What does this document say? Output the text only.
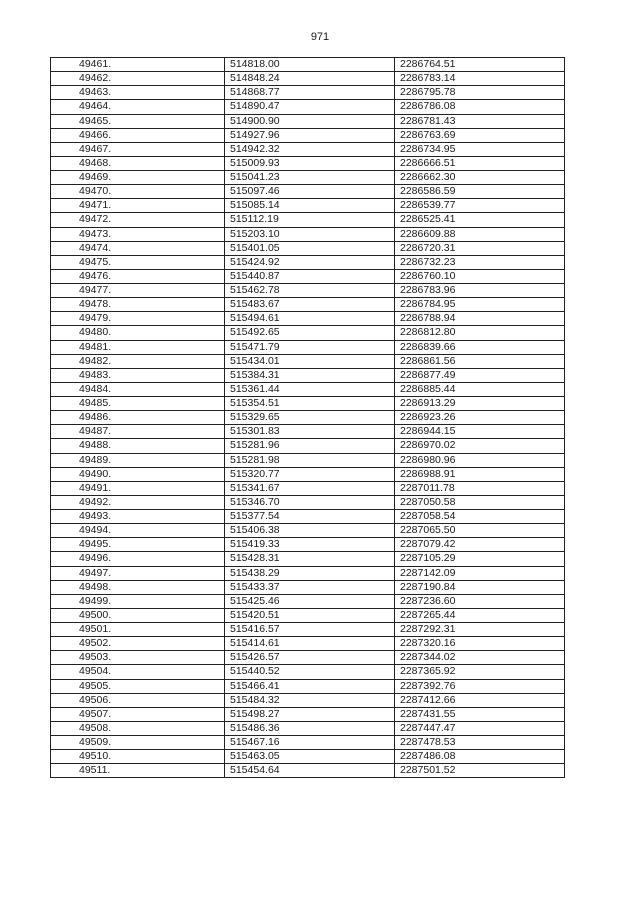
971
49461.	514818.00	2286764.51
49462.	514848.24	2286783.14
49463.	514868.77	2286795.78
49464.	514890.47	2286786.08
49465.	514900.90	2286781.43
49466.	514927.96	2286763.69
49467.	514942.32	2286734.95
49468.	515009.93	2286666.51
49469.	515041.23	2286662.30
49470.	515097.46	2286586.59
49471.	515085.14	2286539.77
49472.	515112.19	2286525.41
49473.	515203.10	2286609.88
49474.	515401.05	2286720.31
49475.	515424.92	2286732.23
49476.	515440.87	2286760.10
49477.	515462.78	2286783.96
49478.	515483.67	2286784.95
49479.	515494.61	2286788.94
49480.	515492.65	2286812.80
49481.	515471.79	2286839.66
49482.	515434.01	2286861.56
49483.	515384.31	2286877.49
49484.	515361.44	2286885.44
49485.	515354.51	2286913.29
49486.	515329.65	2286923.26
49487.	515301.83	2286944.15
49488.	515281.96	2286970.02
49489.	515281.98	2286980.96
49490.	515320.77	2286988.91
49491.	515341.67	2287011.78
49492.	515346.70	2287050.58
49493.	515377.54	2287058.54
49494.	515406.38	2287065.50
49495.	515419.33	2287079.42
49496.	515428.31	2287105.29
49497.	515438.29	2287142.09
49498.	515433.37	2287190.84
49499.	515425.46	2287236.60
49500.	515420.51	2287265.44
49501.	515416.57	2287292.31
49502.	515414.61	2287320.16
49503.	515426.57	2287344.02
49504.	515440.52	2287365.92
49505.	515466.41	2287392.76
49506.	515484.32	2287412.66
49507.	515498.27	2287431.55
49508.	515486.36	2287447.47
49509.	515467.16	2287478.53
49510.	515463.05	2287486.08
49511.	515454.64	2287501.52
